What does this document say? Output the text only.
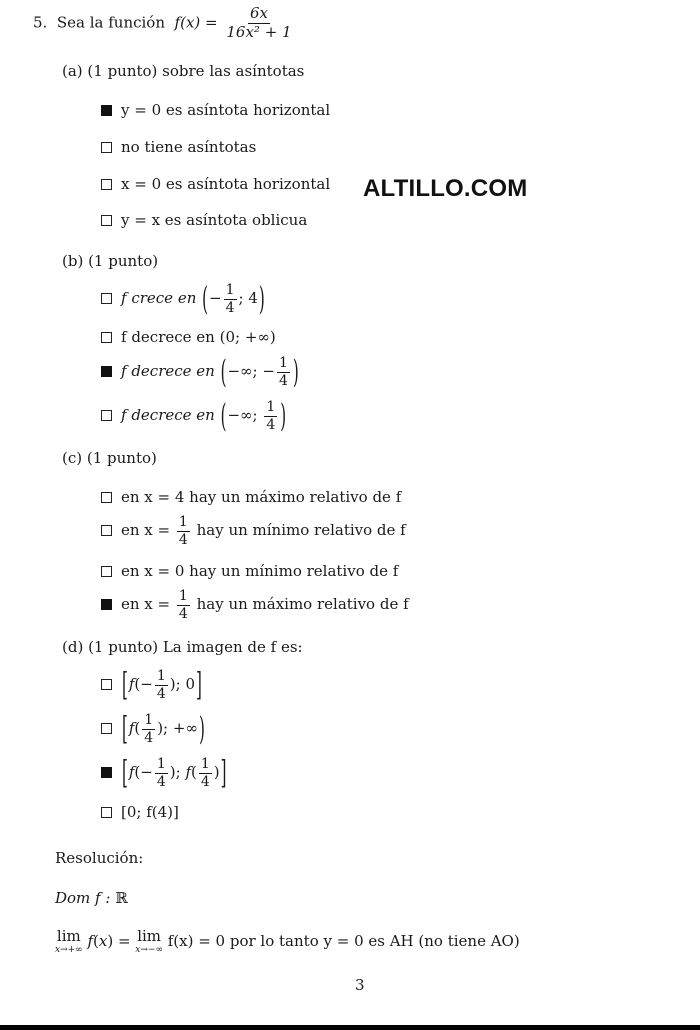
ALTILLO.COM
5. Sea la función $f(x) = \frac{6x}{\text{16x² + 1}}$
(a) (1 punto) sobre las asíntotas
y = 0 es asíntota horizontal
no tiene asíntotas
x = 0 es asíntota horizontal
y = x es asíntota oblicua
(b) (1 punto)
f crece en (− $\frac{1}{4}$ ; 4)
f decrece en (0; +∞)
f decrece en (−∞; − $\frac{1}{4}$ )
f decrece en (−∞; $\frac{1}{4}$ )
(c) (1 punto)
en x = 4 hay un máximo relativo de f
en $x = \frac{1}{4}$ hay un mínimo relativo de f
en x = 0 hay un mínimo relativo de f
en $x = \frac{1}{4}$ hay un máximo relativo de f
(d) (1 punto) La imagen de f es:
[$f(- \frac{1}{4}$ ); 0]
[$f( \frac{1}{4}$ ); +∞)
[$f(- \frac{1}{4}$ ); $f( \frac{1}{4}$ )]
[0; f(4)]
Resolución:
Dom f : ℝ
lim
x→+∞ f(x) = lim
x→−∞ f(x) = 0 por lo tanto y = 0 es AH (no tiene AO)
3
